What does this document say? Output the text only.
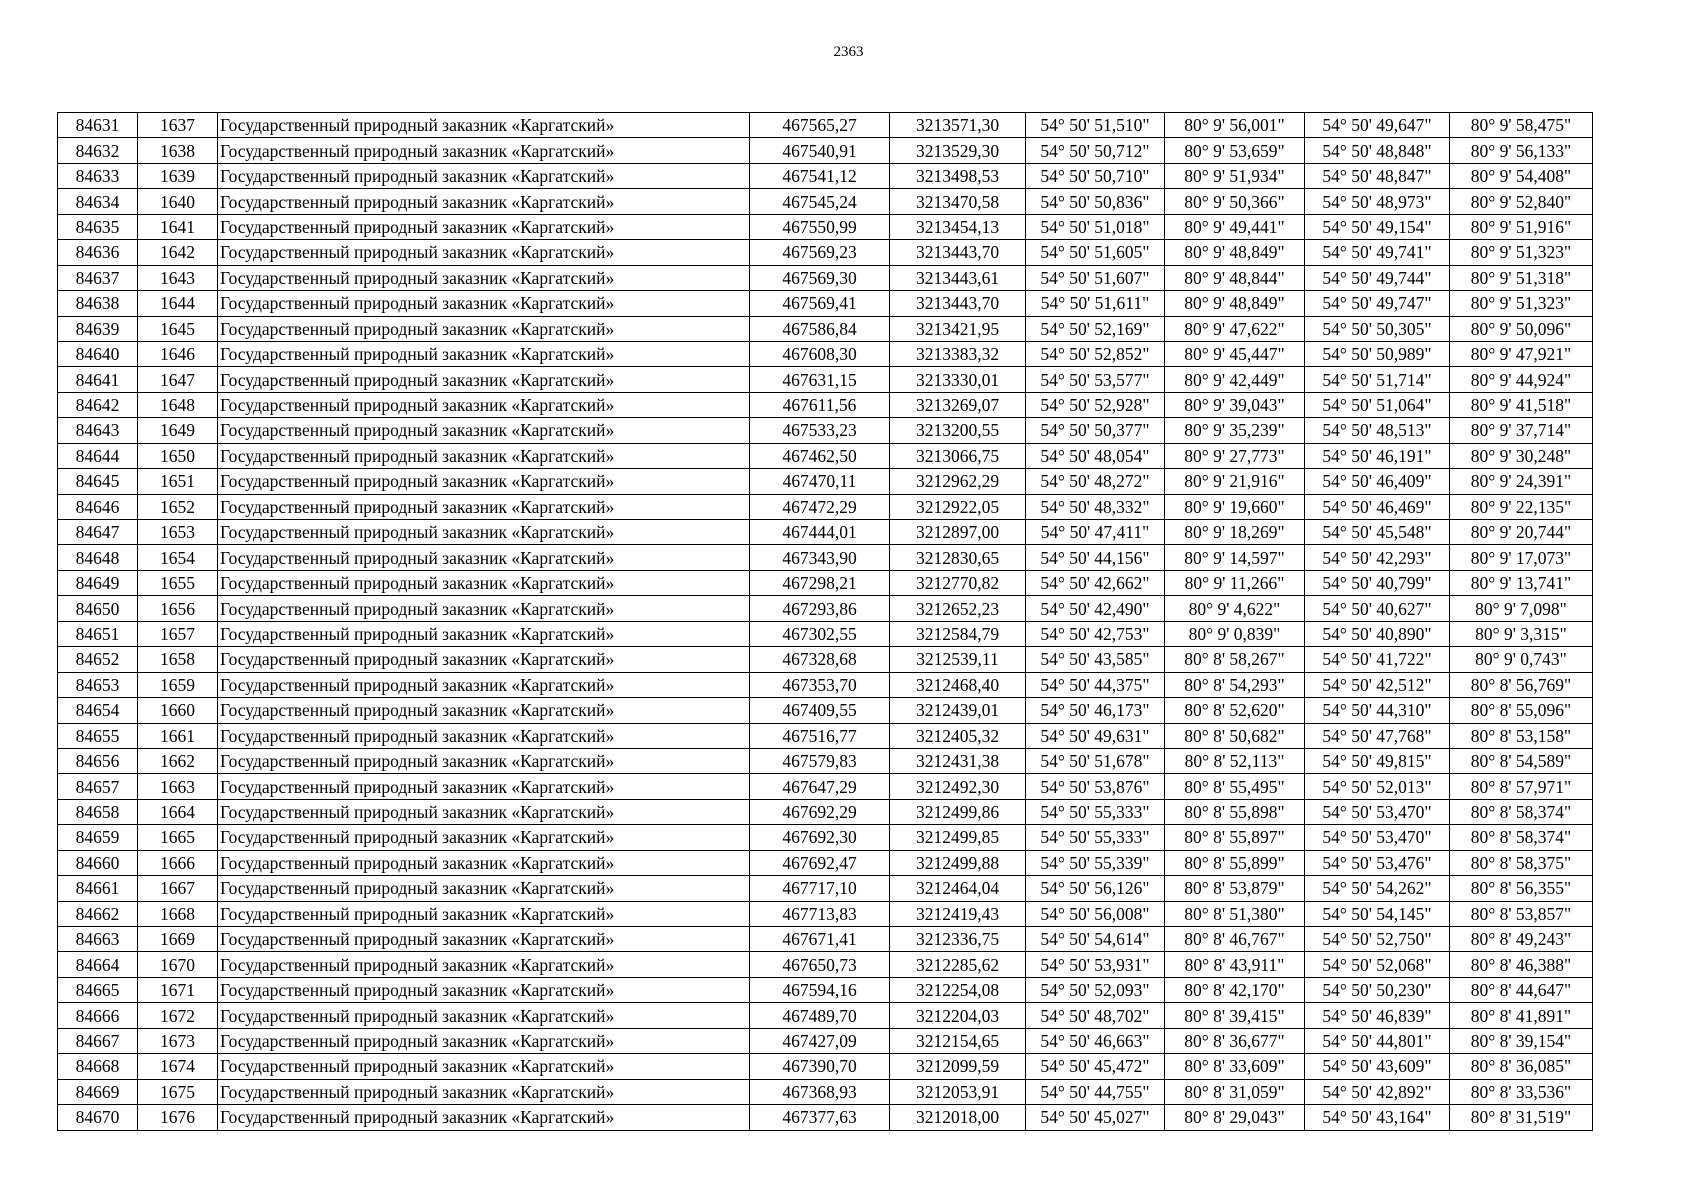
2363
84631	1637	Государственный природный заказник «Каргатский»	467565,27	3213571,30	54° 50' 51,510"	80° 9' 56,001"	54° 50' 49,647"	80° 9' 58,475"
84632	1638	Государственный природный заказник «Каргатский»	467540,91	3213529,30	54° 50' 50,712"	80° 9' 53,659"	54° 50' 48,848"	80° 9' 56,133"
84633	1639	Государственный природный заказник «Каргатский»	467541,12	3213498,53	54° 50' 50,710"	80° 9' 51,934"	54° 50' 48,847"	80° 9' 54,408"
84634	1640	Государственный природный заказник «Каргатский»	467545,24	3213470,58	54° 50' 50,836"	80° 9' 50,366"	54° 50' 48,973"	80° 9' 52,840"
84635	1641	Государственный природный заказник «Каргатский»	467550,99	3213454,13	54° 50' 51,018"	80° 9' 49,441"	54° 50' 49,154"	80° 9' 51,916"
84636	1642	Государственный природный заказник «Каргатский»	467569,23	3213443,70	54° 50' 51,605"	80° 9' 48,849"	54° 50' 49,741"	80° 9' 51,323"
84637	1643	Государственный природный заказник «Каргатский»	467569,30	3213443,61	54° 50' 51,607"	80° 9' 48,844"	54° 50' 49,744"	80° 9' 51,318"
84638	1644	Государственный природный заказник «Каргатский»	467569,41	3213443,70	54° 50' 51,611"	80° 9' 48,849"	54° 50' 49,747"	80° 9' 51,323"
84639	1645	Государственный природный заказник «Каргатский»	467586,84	3213421,95	54° 50' 52,169"	80° 9' 47,622"	54° 50' 50,305"	80° 9' 50,096"
84640	1646	Государственный природный заказник «Каргатский»	467608,30	3213383,32	54° 50' 52,852"	80° 9' 45,447"	54° 50' 50,989"	80° 9' 47,921"
84641	1647	Государственный природный заказник «Каргатский»	467631,15	3213330,01	54° 50' 53,577"	80° 9' 42,449"	54° 50' 51,714"	80° 9' 44,924"
84642	1648	Государственный природный заказник «Каргатский»	467611,56	3213269,07	54° 50' 52,928"	80° 9' 39,043"	54° 50' 51,064"	80° 9' 41,518"
84643	1649	Государственный природный заказник «Каргатский»	467533,23	3213200,55	54° 50' 50,377"	80° 9' 35,239"	54° 50' 48,513"	80° 9' 37,714"
84644	1650	Государственный природный заказник «Каргатский»	467462,50	3213066,75	54° 50' 48,054"	80° 9' 27,773"	54° 50' 46,191"	80° 9' 30,248"
84645	1651	Государственный природный заказник «Каргатский»	467470,11	3212962,29	54° 50' 48,272"	80° 9' 21,916"	54° 50' 46,409"	80° 9' 24,391"
84646	1652	Государственный природный заказник «Каргатский»	467472,29	3212922,05	54° 50' 48,332"	80° 9' 19,660"	54° 50' 46,469"	80° 9' 22,135"
84647	1653	Государственный природный заказник «Каргатский»	467444,01	3212897,00	54° 50' 47,411"	80° 9' 18,269"	54° 50' 45,548"	80° 9' 20,744"
84648	1654	Государственный природный заказник «Каргатский»	467343,90	3212830,65	54° 50' 44,156"	80° 9' 14,597"	54° 50' 42,293"	80° 9' 17,073"
84649	1655	Государственный природный заказник «Каргатский»	467298,21	3212770,82	54° 50' 42,662"	80° 9' 11,266"	54° 50' 40,799"	80° 9' 13,741"
84650	1656	Государственный природный заказник «Каргатский»	467293,86	3212652,23	54° 50' 42,490"	80° 9' 4,622"	54° 50' 40,627"	80° 9' 7,098"
84651	1657	Государственный природный заказник «Каргатский»	467302,55	3212584,79	54° 50' 42,753"	80° 9' 0,839"	54° 50' 40,890"	80° 9' 3,315"
84652	1658	Государственный природный заказник «Каргатский»	467328,68	3212539,11	54° 50' 43,585"	80° 8' 58,267"	54° 50' 41,722"	80° 9' 0,743"
84653	1659	Государственный природный заказник «Каргатский»	467353,70	3212468,40	54° 50' 44,375"	80° 8' 54,293"	54° 50' 42,512"	80° 8' 56,769"
84654	1660	Государственный природный заказник «Каргатский»	467409,55	3212439,01	54° 50' 46,173"	80° 8' 52,620"	54° 50' 44,310"	80° 8' 55,096"
84655	1661	Государственный природный заказник «Каргатский»	467516,77	3212405,32	54° 50' 49,631"	80° 8' 50,682"	54° 50' 47,768"	80° 8' 53,158"
84656	1662	Государственный природный заказник «Каргатский»	467579,83	3212431,38	54° 50' 51,678"	80° 8' 52,113"	54° 50' 49,815"	80° 8' 54,589"
84657	1663	Государственный природный заказник «Каргатский»	467647,29	3212492,30	54° 50' 53,876"	80° 8' 55,495"	54° 50' 52,013"	80° 8' 57,971"
84658	1664	Государственный природный заказник «Каргатский»	467692,29	3212499,86	54° 50' 55,333"	80° 8' 55,898"	54° 50' 53,470"	80° 8' 58,374"
84659	1665	Государственный природный заказник «Каргатский»	467692,30	3212499,85	54° 50' 55,333"	80° 8' 55,897"	54° 50' 53,470"	80° 8' 58,374"
84660	1666	Государственный природный заказник «Каргатский»	467692,47	3212499,88	54° 50' 55,339"	80° 8' 55,899"	54° 50' 53,476"	80° 8' 58,375"
84661	1667	Государственный природный заказник «Каргатский»	467717,10	3212464,04	54° 50' 56,126"	80° 8' 53,879"	54° 50' 54,262"	80° 8' 56,355"
84662	1668	Государственный природный заказник «Каргатский»	467713,83	3212419,43	54° 50' 56,008"	80° 8' 51,380"	54° 50' 54,145"	80° 8' 53,857"
84663	1669	Государственный природный заказник «Каргатский»	467671,41	3212336,75	54° 50' 54,614"	80° 8' 46,767"	54° 50' 52,750"	80° 8' 49,243"
84664	1670	Государственный природный заказник «Каргатский»	467650,73	3212285,62	54° 50' 53,931"	80° 8' 43,911"	54° 50' 52,068"	80° 8' 46,388"
84665	1671	Государственный природный заказник «Каргатский»	467594,16	3212254,08	54° 50' 52,093"	80° 8' 42,170"	54° 50' 50,230"	80° 8' 44,647"
84666	1672	Государственный природный заказник «Каргатский»	467489,70	3212204,03	54° 50' 48,702"	80° 8' 39,415"	54° 50' 46,839"	80° 8' 41,891"
84667	1673	Государственный природный заказник «Каргатский»	467427,09	3212154,65	54° 50' 46,663"	80° 8' 36,677"	54° 50' 44,801"	80° 8' 39,154"
84668	1674	Государственный природный заказник «Каргатский»	467390,70	3212099,59	54° 50' 45,472"	80° 8' 33,609"	54° 50' 43,609"	80° 8' 36,085"
84669	1675	Государственный природный заказник «Каргатский»	467368,93	3212053,91	54° 50' 44,755"	80° 8' 31,059"	54° 50' 42,892"	80° 8' 33,536"
84670	1676	Государственный природный заказник «Каргатский»	467377,63	3212018,00	54° 50' 45,027"	80° 8' 29,043"	54° 50' 43,164"	80° 8' 31,519"
